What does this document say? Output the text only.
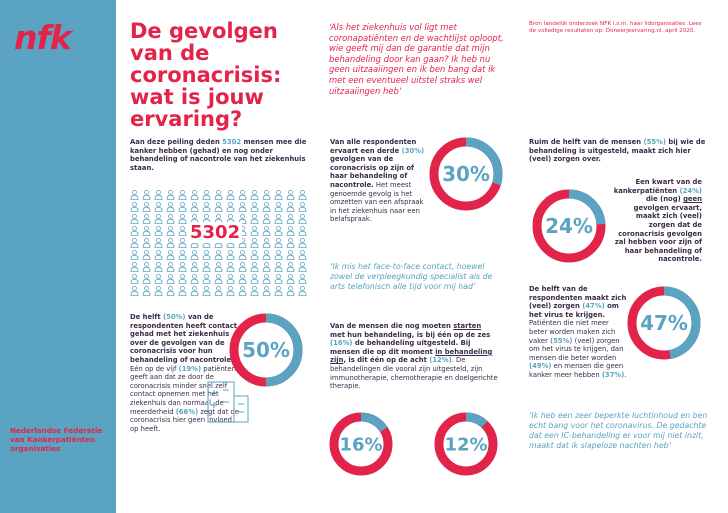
nfk
Nederlandse Federatie van Kankerpatiënten organisaties
De gevolgen van de coronacrisis: wat is jouw ervaring?
‘Als het ziekenhuis vol ligt met coronapatiënten en de wachtlijst oploopt, wie geeft mij dan de garantie dat mijn behandeling door kan gaan? Ik heb nu geen uitzaaiingen en ik ben bang dat ik met een eventueel uitstel straks wel uitzaaiingen heb’
Bron landelijk onderzoek NFK i.s.m. haar lidorganisaties. Lees de volledige resultaten op: Doneerjeervaring.nl, april 2020.
Aan deze peiling deden 5302 mensen mee die kanker hebben (gehad) en nog onder behandeling of nacontrole van het ziekenhuis staan.
5302
De helft (50%) van de respondenten heeft contact gehad met het ziekenhuis over de gevolgen van de coronacrisis voor hun behandeling of nacontrole. Eén op de vijf (19%) patiënten geeft aan dat ze door de coronacrisis minder snel zelf contact opnemen met het ziekenhuis dan normaal, de meerderheid (66%) zegt dat de coronacrisis hier geen invloed op heeft.
50%
Van alle respondenten ervaart een derde (30%) gevolgen van de coronacrisis op zijn of haar behandeling of nacontrole. Het meest genoemde gevolg is het omzetten van een afspraak in het ziekenhuis naar een belafspraak.
30%
‘Ik mis het face-to-face contact, hoewel zowel de verpleegkundig specialist als de arts telefonisch alle tijd voor mij had’
Van de mensen die nog moeten starten met hun behandeling, is bij één op de zes (16%) de behandeling uitgesteld. Bij mensen die op dit moment in behandeling zijn, is dit één op de acht (12%). De behandelingen die vooral zijn uitgesteld, zijn immunotherapie, chemotherapie en doelgerichte therapie.
16%	12%
Ruim de helft van de mensen (55%) bij wie de behandeling is uitgesteld, maakt zich hier (veel) zorgen over.
24%
Een kwart van de kankerpatiënten (24%) die (nog) geen gevolgen ervaart, maakt zich (veel) zorgen dat de coronacrisis gevolgen zal hebben voor zijn of haar behandeling of nacontrole.
De helft van de respondenten maakt zich (veel) zorgen (47%) om het virus te krijgen. Patiënten die niet meer beter worden maken zich vaker (55%) (veel) zorgen om het virus te krijgen, dan mensen die beter worden (49%) en mensen die geen kanker meer hebben (37%).
47%
‘Ik heb een zeer beperkte luchtinhoud en ben echt bang voor het coronavirus. De gedachte dat een IC-behandeling er voor mij niet inzit, maakt dat ik slapeloze nachten heb’
